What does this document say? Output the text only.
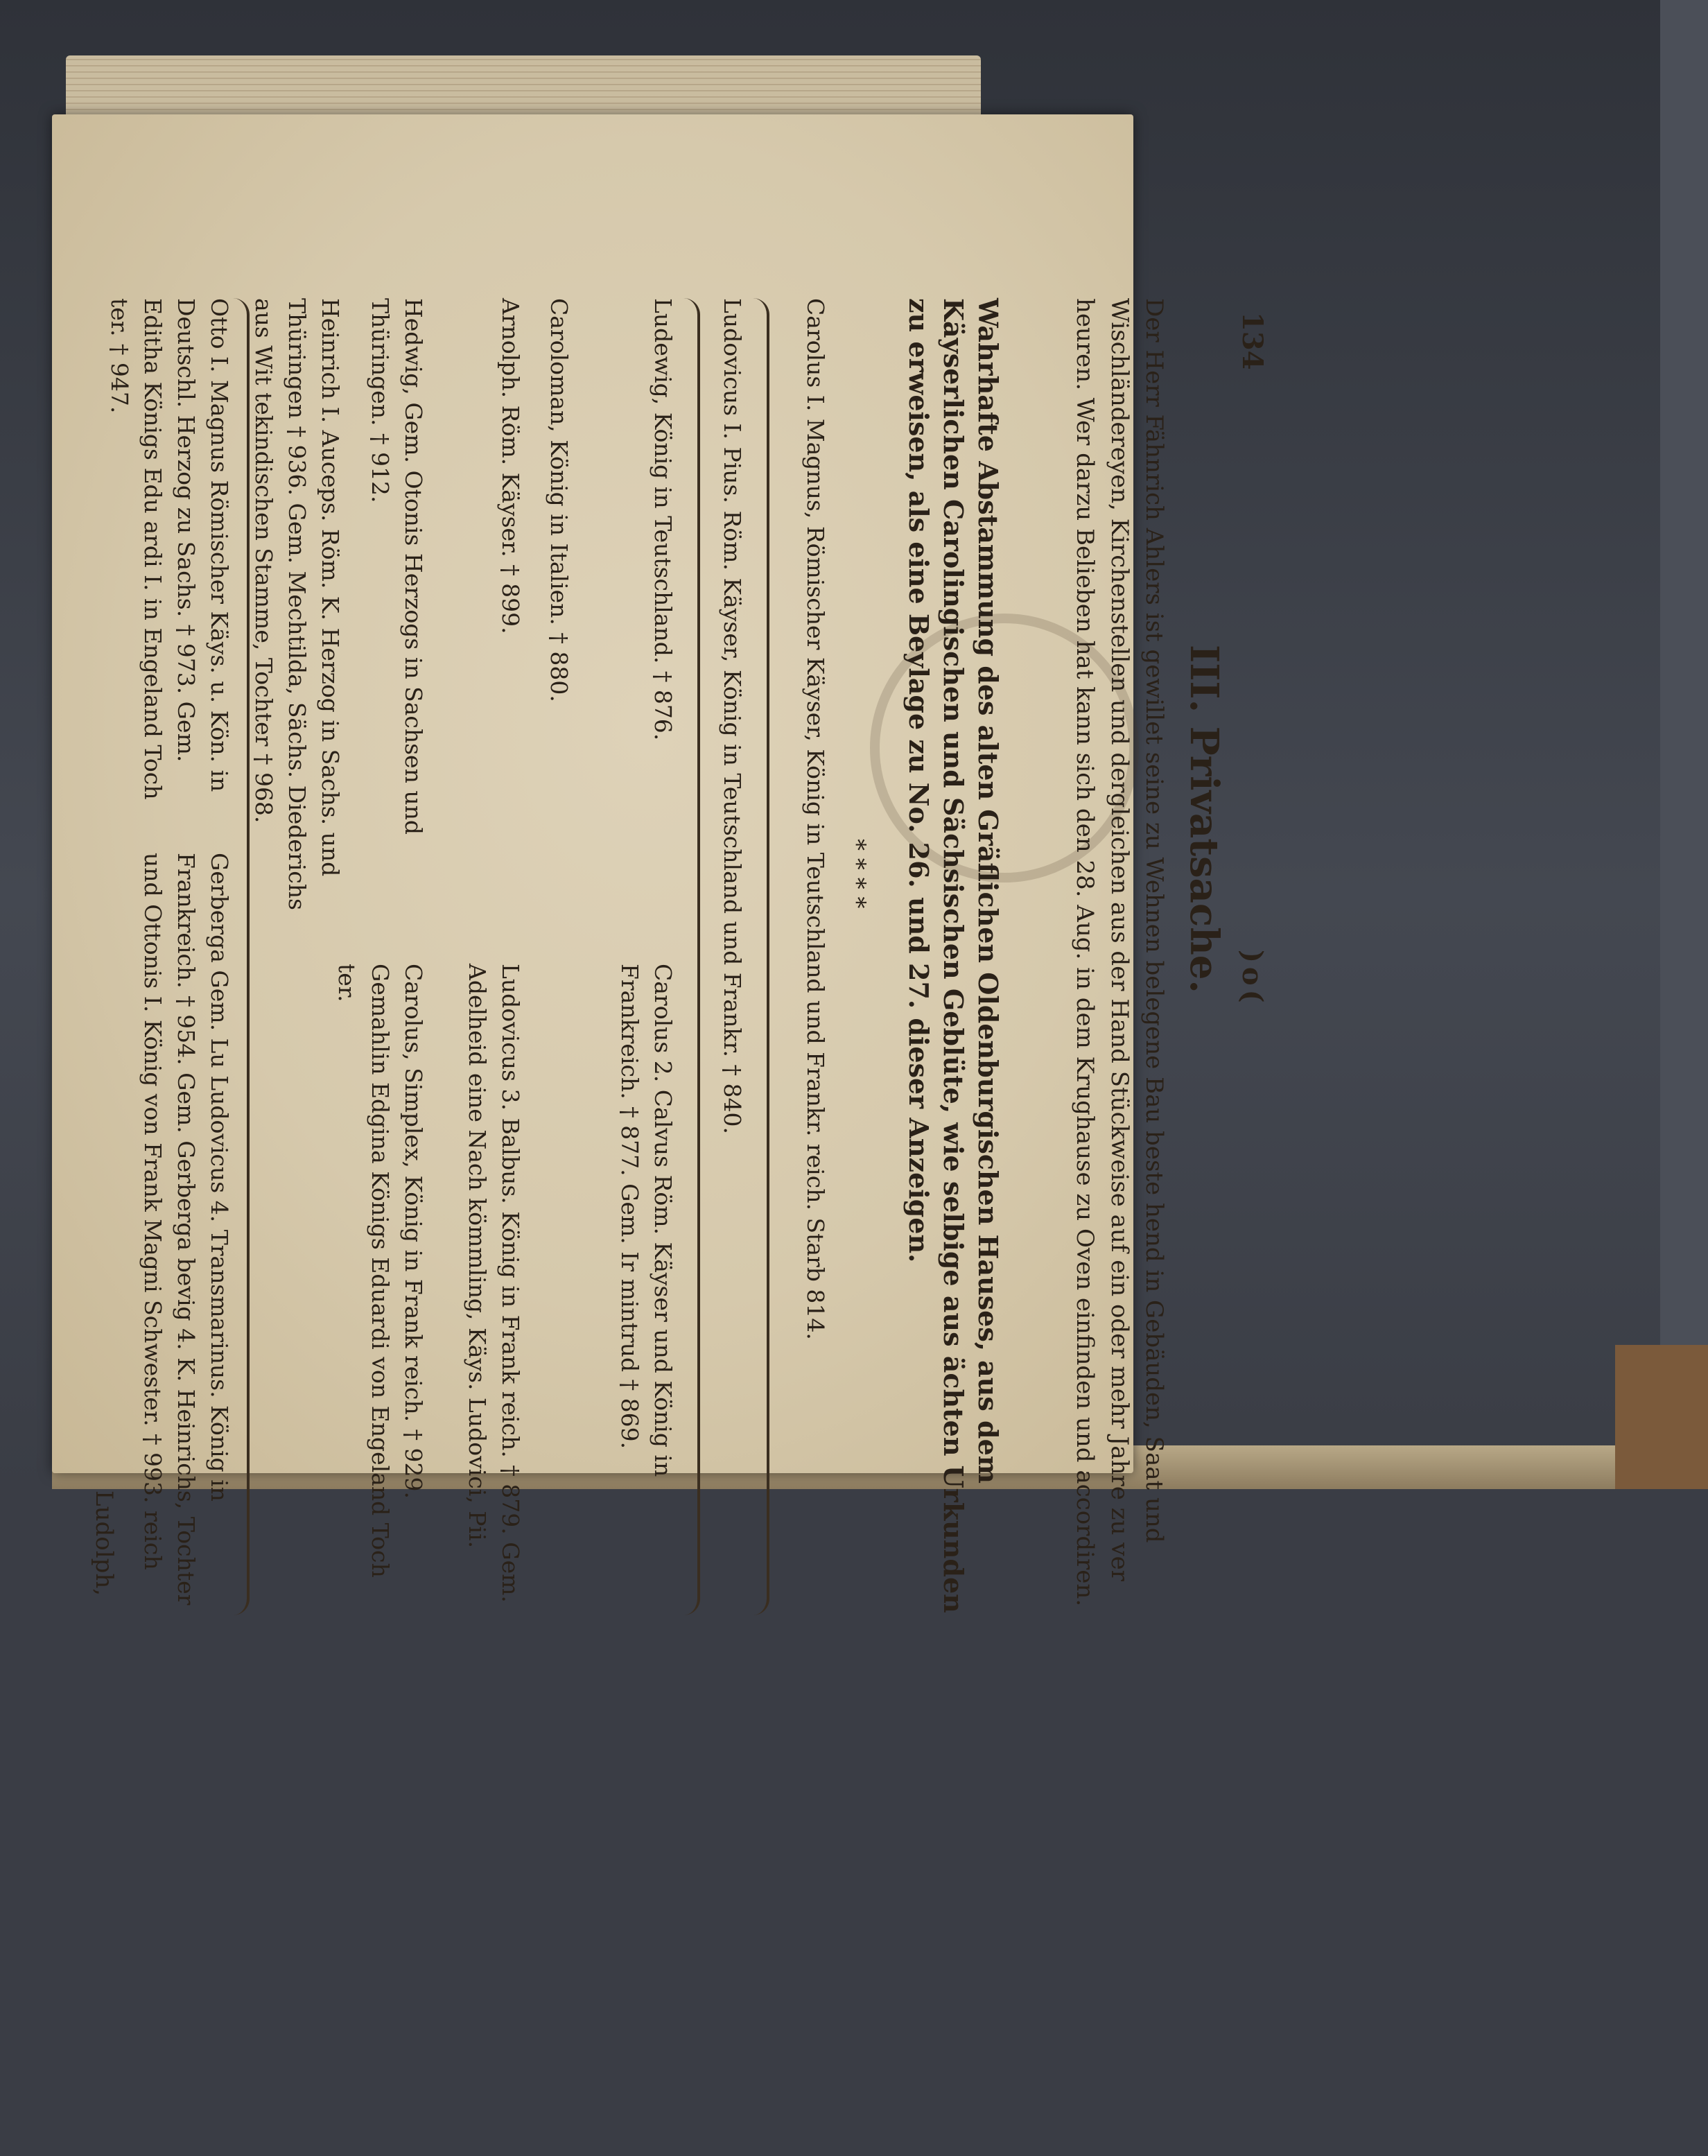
134
)o(
III. Privatsache.
Der Herr Fähnrich Ahlers ist gewillet seine zu Wehnen belegene Bau beste hend in Gebäuden, Saat und Wischländereyen, Kirchenstellen und dergleichen aus der Hand Stückweise auf ein oder mehr Jahre zu ver heuren. Wer darzu Belieben hat kann sich den 28. Aug. in dem Krughause zu Oven einfinden und accordiren.
Wahrhafte Abstammung des alten Gräflichen Oldenburgischen Hauses, aus dem Käyserlichen Carolingischen und Sächsischen Geblüte, wie selbige aus ächten Urkunden zu erweisen, als eine Beylage zu No. 26. und 27. dieser Anzeigen.
* * * *
Carolus I. Magnus, Römischer Käyser, König in Teutschland und Frankr. reich. Starb 814.
Ludovicus I. Pius. Röm. Käyser, König in Teutschland und Frankr. † 840.
Ludewig, König in Teutschland. † 876.
Carolus 2. Calvus Röm. Käyser und König in Frankreich. † 877. Gem. Ir mintrud † 869.
Caroloman, König in Italien. † 880.
Arnolph. Röm. Käyser. † 899.
Ludovicus 3. Balbus. König in Frank reich. † 879. Gem. Adelheid eine Nach kömmling, Käys. Ludovici, Pii.
Hedwig, Gem. Otonis Herzogs in Sachsen und Thüringen. † 912.
Carolus, Simplex, König in Frank reich. † 929. Gemahlin Edgina Königs Eduardi von Engeland Toch ter.
Heinrich I. Auceps. Röm. K. Herzog in Sachs. und Thüringen † 936. Gem. Mechtilda, Sächs. Diederichs aus Wit tekindischen Stamme, Tochter † 968.
Otto I. Magnus Römischer Käys. u. Kön. in Deutschl. Herzog zu Sachs. † 973. Gem. Editha Königs Edu ardi I. in Engeland Toch ter. † 947.
Gerberga Gem. Lu Ludovicus 4. Transmarinus. König in Frankreich. † 954. Gem. Gerberga bevig 4. K. Heinrichs, Tochter und Ottonis I. König von Frank Magni Schwester. † 993. reich
Ludolph,
